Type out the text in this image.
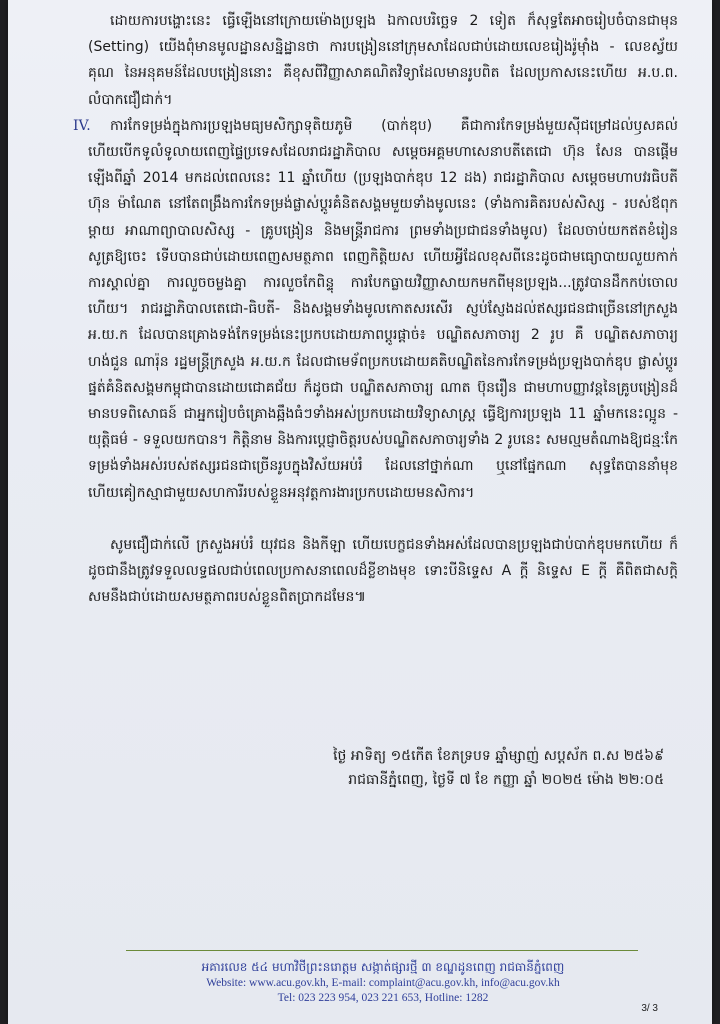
ដោយការបង្ហោះនេះ ធ្វើឡើងនៅក្រោយម៉ោងប្រឡង ឯកាលបរិច្ឆេទ 2 ទៀត ក៏សុទ្ធតែអាចរៀបចំបានជាមុន (Setting) យើងពុំមានមូលដ្ឋានសន្និដ្ឋានថា ការបង្រៀននៅក្រុមសាដែលជាប់ដោយលេខរៀងរ៉ូម៉ាំង - លេខស្វ័យគុណ នៃអនុគមន៍ដែលបង្រៀននោះ គឺខុសពីវិញ្ញាសាគណិតវិទ្យាដែលមានរូបពិត ដែលប្រកាសនេះហើយ អ.ប.ព. លំបាកជឿជាក់។

IV. ការកែទម្រង់ក្នុងការប្រឡងមធ្យមសិក្សាទុតិយភូមិ (បាក់ឌុប) គឺជាការកែទម្រង់មួយស៊ីជម្រៅដល់ឫសគល់ ហើយបើកទូលំទូលាយពេញផ្ទៃប្រទេសដែលរាជរដ្ឋាភិបាល សម្តេចអគ្គមហាសេនាបតីតេជោ ហ៊ុន សែន បានផ្តើមឡើងពីឆ្នាំ 2014 មកដល់ពេលនេះ 11 ឆ្នាំហើយ (ប្រឡងបាក់ឌុប 12 ដង) រាជរដ្ឋាភិបាល សម្តេចមហាបវរធិបតី ហ៊ុន ម៉ាណែត នៅតែពង្រឹងការកែទម្រង់ផ្លាស់ប្តូរគំនិតសង្គមមួយទាំងមូលនេះ (ទាំងការគិតរបស់សិស្ស - របស់ឪពុកម្តាយ អាណាព្យាបាលសិស្ស - គ្រូបង្រៀន និងមន្ត្រីរាជការ ព្រមទាំងប្រជាជនទាំងមូល) ដែលចាប់យកឥតខំរៀនសូត្រឱ្យចេះ ទើបបានជាប់ដោយពេញសមត្ថភាព ពេញកិត្តិយស ហើយអ្វីដែលខុសពីនេះដូចជាមធ្យោបាយលួយកាក់ ការស្គាល់គ្នា ការលួចចម្លងគ្នា ការលួចកែពិន្ទុ ការបែកធ្លាយវិញ្ញាសាយកមកពីមុនប្រឡង...ត្រូវបានដឹកកប់ចោលហើយ។ រាជរដ្ឋាភិបាលតេជោ-ធិបតី- និងសង្គមទាំងមូលកោតសរសើរ ស្ញប់ស្ញែងដល់ឥស្សរជនជាច្រើននៅក្រសួង អ.យ.ក ដែលបានគ្រោងទង់កែទម្រង់នេះប្រកបដោយភាពប្តូរផ្តាច់៖ បណ្ឌិតសភាចារ្យ 2 រូប គឺ បណ្ឌិតសភាចារ្យ ហង់ជួន ណារ៉ុន រដ្ឋមន្ត្រីក្រសួង អ.យ.ក ដែលជាមេទ័ពប្រកបដោយគតិបណ្ឌិតនៃការកែទម្រង់ប្រឡងបាក់ឌុប ផ្លាស់ប្តូរផ្នត់គំនិតសង្គមកម្ពុជាបានដោយជោគជ័យ ក៏ដូចជា បណ្ឌិតសភាចារ្យ ណាត ប៊ុនរឿន ជាមហាបញ្ញាវន្តនៃគ្រូបង្រៀនដ៏មានបទពិសោធន៍ ជាអ្នករៀបចំគ្រោងឆ្អឹងធំៗទាំងអស់ប្រកបដោយវិទ្យាសាស្ត្រ ធ្វើឱ្យការប្រឡង 11 ឆ្នាំមកនេះល្អូន - យុត្តិធម៌ - ទទួលយកបាន។ កិត្តិនាម និងការប្តេជ្ញាចិត្តរបស់បណ្ឌិតសភាចារ្យទាំង 2 រូបនេះ សមល្មមតំណាងឱ្យជន្មៈកែទម្រង់ទាំងអស់របស់ឥស្សរជនជាច្រើនរូបក្នុងវិស័យអប់រំ ដែលនៅថ្នាក់ណា ឬនៅផ្នែកណា សុទ្ធតែបាននាំមុខ ហើយគៀកស្មាជាមួយសហការីរបស់ខ្លួនអនុវត្តការងារប្រកបដោយមនសិការ។

សូមជឿជាក់លើ ក្រសួងអប់រំ យុវជន និងកីឡា ហើយបេក្ខជនទាំងអស់ដែលបានប្រឡងជាប់បាក់ឌុបមកហើយ ក៏ដូចជានឹងត្រូវទទួលលទ្ធផលជាប់ពេលប្រកាសនាពេលដ៏ខ្លីខាងមុខ ទោះបីនិទ្ទេស A ក្តី និទ្ទេស E ក្តី គឺពិតជាសក្តិសមនឹងជាប់ដោយសមត្ថភាពរបស់ខ្លួនពិតប្រាកដមែន៕

ថ្ងៃ អាទិត្យ ១៥កើត ខែភទ្របទ ឆ្នាំម្សាញ់ សប្តស័ក ព.ស ២៥៦៩
រាជធានីភ្នំពេញ, ថ្ងៃទី ៧ ខែ កញ្ញា ឆ្នាំ ២០២៥ ម៉ោង ២២:០៥
អគារលេខ ៥៤ មហាវិថីព្រះនរោត្តម សង្កាត់ផ្សារថ្មី ៣ ខណ្ឌដូនពេញ រាជធានីភ្នំពេញ
Website: www.acu.gov.kh, E-mail: complaint@acu.gov.kh, info@acu.gov.kh
Tel: 023 223 954, 023 221 653, Hotline: 1282
3/ 3
